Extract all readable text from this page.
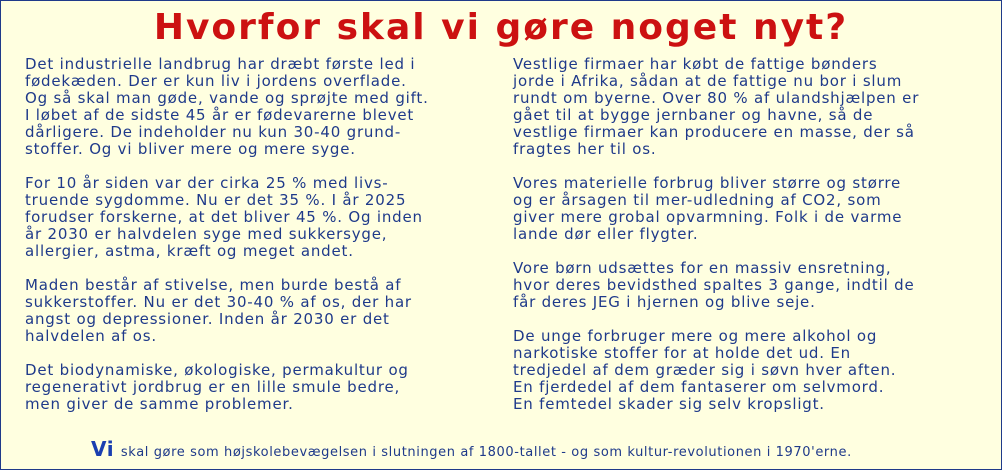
Hvorfor skal vi gøre noget nyt?
Det industrielle landbrug har dræbt første led i
fødekæden. Der er kun liv i jordens overflade.
Og så skal man gøde, vande og sprøjte med gift.
I løbet af de sidste 45 år er fødevarerne blevet
dårligere. De indeholder nu kun 30-40 grund-
stoffer. Og vi bliver mere og mere syge.
For 10 år siden var der cirka 25 % med livs-
truende sygdomme. Nu er det 35 %. I år 2025
forudser forskerne, at det bliver 45 %. Og inden
år 2030 er halvdelen syge med sukkersyge,
allergier, astma, kræft og meget andet.
Maden består af stivelse, men burde bestå af
sukkerstoffer. Nu er det 30-40 % af os, der har
angst og depressioner. Inden år 2030 er det
halvdelen af os.
Det biodynamiske, økologiske, permakultur og
regenerativt jordbrug er en lille smule bedre,
men giver de samme problemer.
Vestlige firmaer har købt de fattige bønders
jorde i Afrika, sådan at de fattige nu bor i slum
rundt om byerne. Over 80 % af ulandshjælpen er
gået til at bygge jernbaner og havne, så de
vestlige firmaer kan producere en masse, der så
fragtes her til os.
Vores materielle forbrug bliver større og større
og er årsagen til mer-udledning af CO2, som
giver mere grobal opvarmning. Folk i de varme
lande dør eller flygter.
Vore børn udsættes for en massiv ensretning,
hvor deres bevidsthed spaltes 3 gange, indtil de
får deres JEG i hjernen og blive seje.
De unge forbruger mere og mere alkohol og
narkotiske stoffer for at holde det ud. En
tredjedel af dem græder sig i søvn hver aften.
En fjerdedel af dem fantaserer om selvmord.
En femtedel skader sig selv kropsligt.
Vi skal gøre som højskolebevægelsen i slutningen af 1800-tallet - og som kultur-revolutionen i 1970'erne.
